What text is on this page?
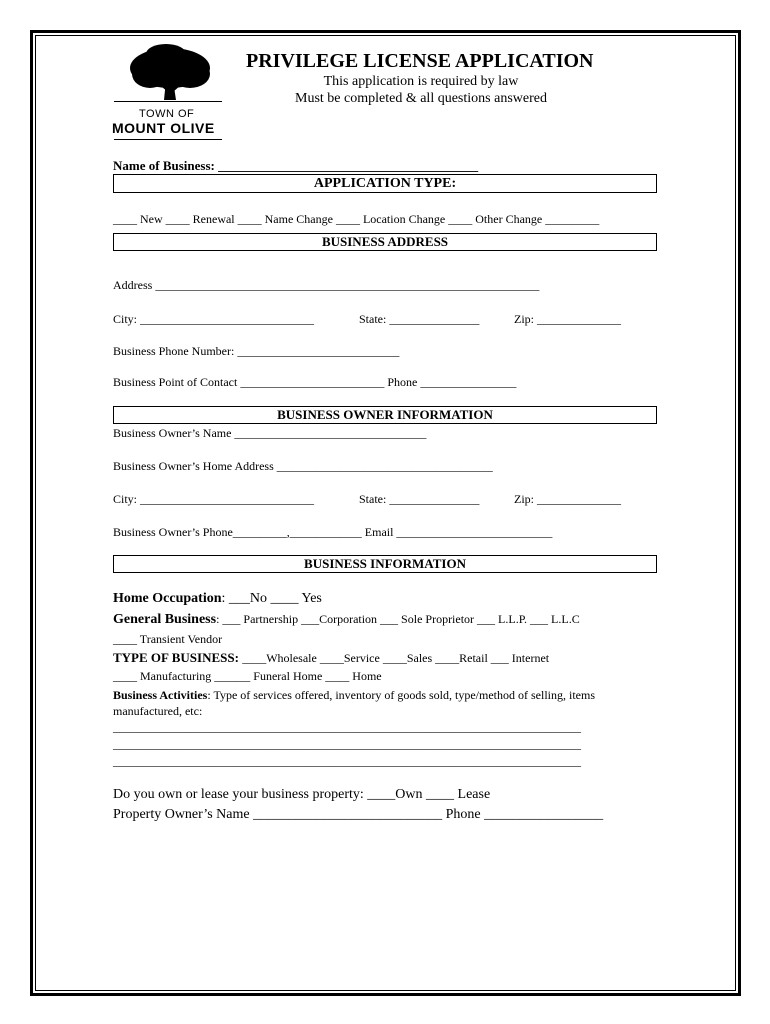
TOWN OF
MOUNT OLIVE
PRIVILEGE LICENSE APPLICATION
This application is required by law
Must be completed & all questions answered
Name of Business: ________________________________________
APPLICATION TYPE:
____ New ____ Renewal ____ Name Change ____ Location Change ____ Other Change _________
BUSINESS ADDRESS
Address ________________________________________________________________
City: _____________________________	State: _______________	Zip: ______________
Business Phone Number: ___________________________
Business Point of Contact ________________________ Phone ________________
BUSINESS OWNER INFORMATION
Business Owner’s Name ________________________________
Business Owner’s Home Address ____________________________________
City: _____________________________	State: _______________	Zip: ______________
Business Owner’s Phone_________,____________ Email __________________________
BUSINESS INFORMATION
Home Occupation: ___No ____ Yes
General Business: ___ Partnership ___Corporation ___ Sole Proprietor ___ L.L.P. ___ L.L.C
____ Transient Vendor
TYPE OF BUSINESS: ____Wholesale ____Service ____Sales ____Retail ___ Internet
____ Manufacturing ______ Funeral Home ____ Home
Business Activities: Type of services offered, inventory of goods sold, type/method of selling, items
manufactured, etc:
______________________________________________________________________________
______________________________________________________________________________
______________________________________________________________________________
Do you own or lease your business property: ____Own ____ Lease
Property Owner’s Name ___________________________ Phone _________________
